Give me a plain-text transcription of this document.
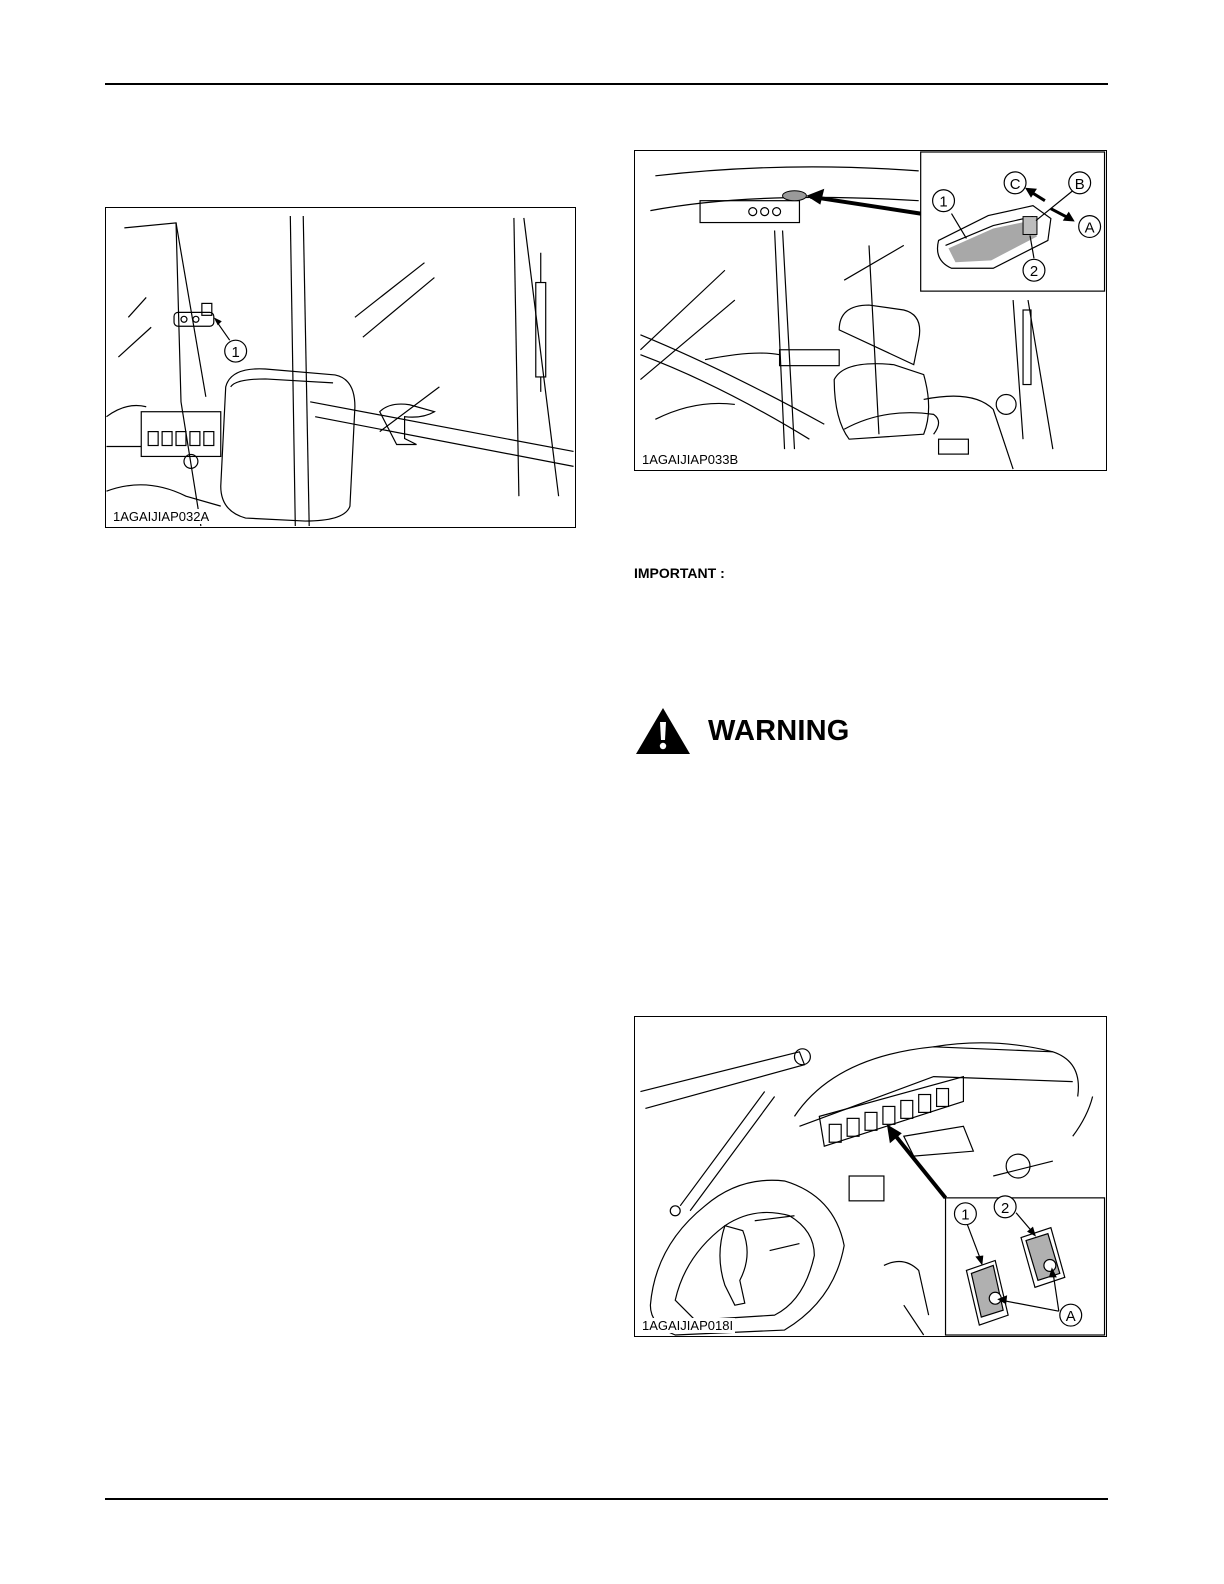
1
1AGAIJIAP032A
1
2
B
C
A
1AGAIJIAP033B
IMPORTANT :
WARNING
1 2
A
1AGAIJIAP018I
